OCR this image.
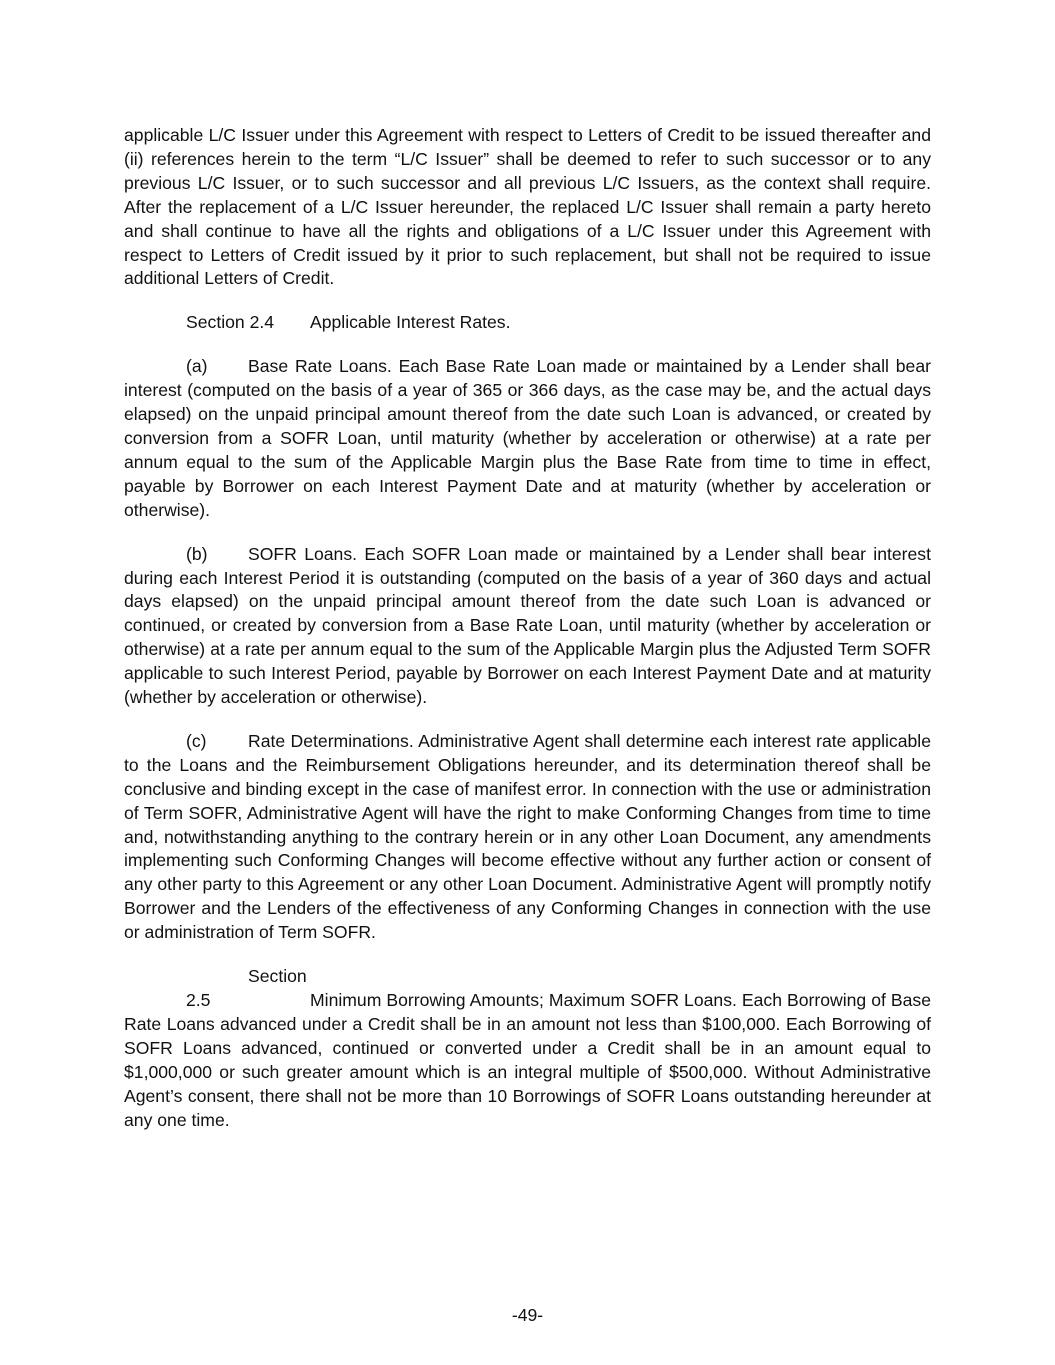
applicable L/C Issuer under this Agreement with respect to Letters of Credit to be issued thereafter and (ii) references herein to the term “L/C Issuer” shall be deemed to refer to such successor or to any previous L/C Issuer, or to such successor and all previous L/C Issuers, as the context shall require. After the replacement of a L/C Issuer hereunder, the replaced L/C Issuer shall remain a party hereto and shall continue to have all the rights and obligations of a L/C Issuer under this Agreement with respect to Letters of Credit issued by it prior to such replacement, but shall not be required to issue additional Letters of Credit.

Section 2.4 Applicable Interest Rates.

(a) Base Rate Loans. Each Base Rate Loan made or maintained by a Lender shall bear interest (computed on the basis of a year of 365 or 366 days, as the case may be, and the actual days elapsed) on the unpaid principal amount thereof from the date such Loan is advanced, or created by conversion from a SOFR Loan, until maturity (whether by acceleration or otherwise) at a rate per annum equal to the sum of the Applicable Margin plus the Base Rate from time to time in effect, payable by Borrower on each Interest Payment Date and at maturity (whether by acceleration or otherwise).

(b) SOFR Loans. Each SOFR Loan made or maintained by a Lender shall bear interest during each Interest Period it is outstanding (computed on the basis of a year of 360 days and actual days elapsed) on the unpaid principal amount thereof from the date such Loan is advanced or continued, or created by conversion from a Base Rate Loan, until maturity (whether by acceleration or otherwise) at a rate per annum equal to the sum of the Applicable Margin plus the Adjusted Term SOFR applicable to such Interest Period, payable by Borrower on each Interest Payment Date and at maturity (whether by acceleration or otherwise).

(c) Rate Determinations. Administrative Agent shall determine each interest rate applicable to the Loans and the Reimbursement Obligations hereunder, and its determination thereof shall be conclusive and binding except in the case of manifest error. In connection with the use or administration of Term SOFR, Administrative Agent will have the right to make Conforming Changes from time to time and, notwithstanding anything to the contrary herein or in any other Loan Document, any amendments implementing such Conforming Changes will become effective without any further action or consent of any other party to this Agreement or any other Loan Document. Administrative Agent will promptly notify Borrower and the Lenders of the effectiveness of any Conforming Changes in connection with the use or administration of Term SOFR.

Section 2.5	Minimum Borrowing Amounts; Maximum SOFR Loans. Each Borrowing of Base Rate Loans advanced under a Credit shall be in an amount not less than $100,000. Each Borrowing of SOFR Loans advanced, continued or converted under a Credit shall be in an amount equal to $1,000,000 or such greater amount which is an integral multiple of $500,000. Without Administrative Agent’s consent, there shall not be more than 10 Borrowings of SOFR Loans outstanding hereunder at any one time.

-49-
